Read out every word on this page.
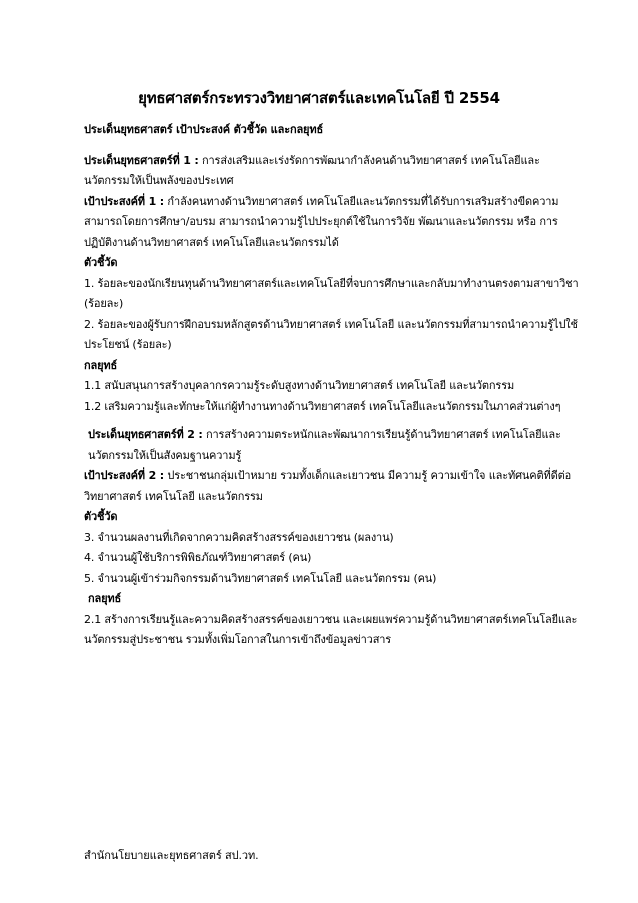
ยุทธศาสตร์กระทรวงวิทยาศาสตร์และเทคโนโลยี ปี 2554

ประเด็นยุทธศาสตร์ เป้าประสงค์ ตัวชี้วัด และกลยุทธ์

ประเด็นยุทธศาสตร์ที่ 1 : การส่งเสริมและเร่งรัดการพัฒนากำลังคนด้านวิทยาศาสตร์ เทคโนโลยีและนวัตกรรมให้เป็นพลังของประเทศ

เป้าประสงค์ที่ 1 : กำลังคนทางด้านวิทยาศาสตร์ เทคโนโลยีและนวัตกรรมที่ได้รับการเสริมสร้างขีดความสามารถโดยการศึกษา/อบรม สามารถนำความรู้ไปประยุกต์ใช้ในการวิจัย พัฒนาและนวัตกรรม หรือ การปฏิบัติงานด้านวิทยาศาสตร์ เทคโนโลยีและนวัตกรรมได้

ตัวชี้วัด

1. ร้อยละของนักเรียนทุนด้านวิทยาศาสตร์และเทคโนโลยีที่จบการศึกษาและกลับมาทำงานตรงตามสาขาวิชา (ร้อยละ)

2. ร้อยละของผู้รับการฝึกอบรมหลักสูตรด้านวิทยาศาสตร์ เทคโนโลยี และนวัตกรรมที่สามารถนำความรู้ไปใช้ประโยชน์ (ร้อยละ)

กลยุทธ์

1.1 สนับสนุนการสร้างบุคลากรความรู้ระดับสูงทางด้านวิทยาศาสตร์ เทคโนโลยี และนวัตกรรม

1.2 เสริมความรู้และทักษะให้แก่ผู้ทำงานทางด้านวิทยาศาสตร์ เทคโนโลยีและนวัตกรรมในภาคส่วนต่างๆ

ประเด็นยุทธศาสตร์ที่ 2 : การสร้างความตระหนักและพัฒนาการเรียนรู้ด้านวิทยาศาสตร์ เทคโนโลยีและนวัตกรรมให้เป็นสังคมฐานความรู้

เป้าประสงค์ที่ 2 : ประชาชนกลุ่มเป้าหมาย รวมทั้งเด็กและเยาวชน มีความรู้ ความเข้าใจ และทัศนคติที่ดีต่อวิทยาศาสตร์ เทคโนโลยี และนวัตกรรม

ตัวชี้วัด

3. จำนวนผลงานที่เกิดจากความคิดสร้างสรรค์ของเยาวชน (ผลงาน)

4. จำนวนผู้ใช้บริการพิพิธภัณฑ์วิทยาศาสตร์ (คน)

5. จำนวนผู้เข้าร่วมกิจกรรมด้านวิทยาศาสตร์ เทคโนโลยี และนวัตกรรม (คน)

กลยุทธ์

2.1 สร้างการเรียนรู้และความคิดสร้างสรรค์ของเยาวชน และเผยแพร่ความรู้ด้านวิทยาศาสตร์เทคโนโลยีและนวัตกรรมสู่ประชาชน รวมทั้งเพิ่มโอกาสในการเข้าถึงข้อมูลข่าวสาร

สำนักนโยบายและยุทธศาสตร์ สป.วท.
